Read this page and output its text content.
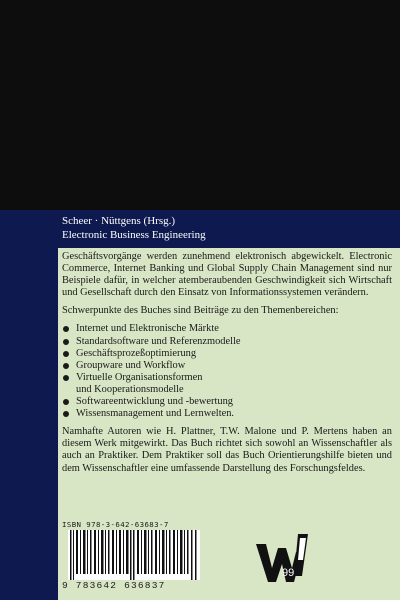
Scheer · Nüttgens (Hrsg.)
Electronic Business Engineering

Geschäftsvorgänge werden zunehmend elektronisch abgewickelt. Electronic Commerce, Internet Banking und Global Supply Chain Management sind nur Beispiele dafür, in welcher atemberaubenden Geschwindigkeit sich Wirtschaft und Gesellschaft durch den Einsatz von Informationssystemen verändern.

Schwerpunkte des Buches sind Beiträge zu den Themenbereichen:

Internet und Elektronische Märkte
Standardsoftware und Referenzmodelle
Geschäftsprozeßoptimierung
Groupware und Workflow
Virtuelle Organisationsformen
und Kooperationsmodelle
Softwareentwicklung und -bewertung
Wissensmanagement und Lernwelten.

Namhafte Autoren wie H. Plattner, T.W. Malone und P. Mertens haben an diesem Werk mitgewirkt. Das Buch richtet sich sowohl an Wissenschaftler als auch an Praktiker. Dem Praktiker soll das Buch Orientierungshilfe bieten und dem Wissenschaftler eine umfassende Darstellung des Forschungsfeldes.

ISBN 978-3-642-63683-7
9 783642 636837
99
